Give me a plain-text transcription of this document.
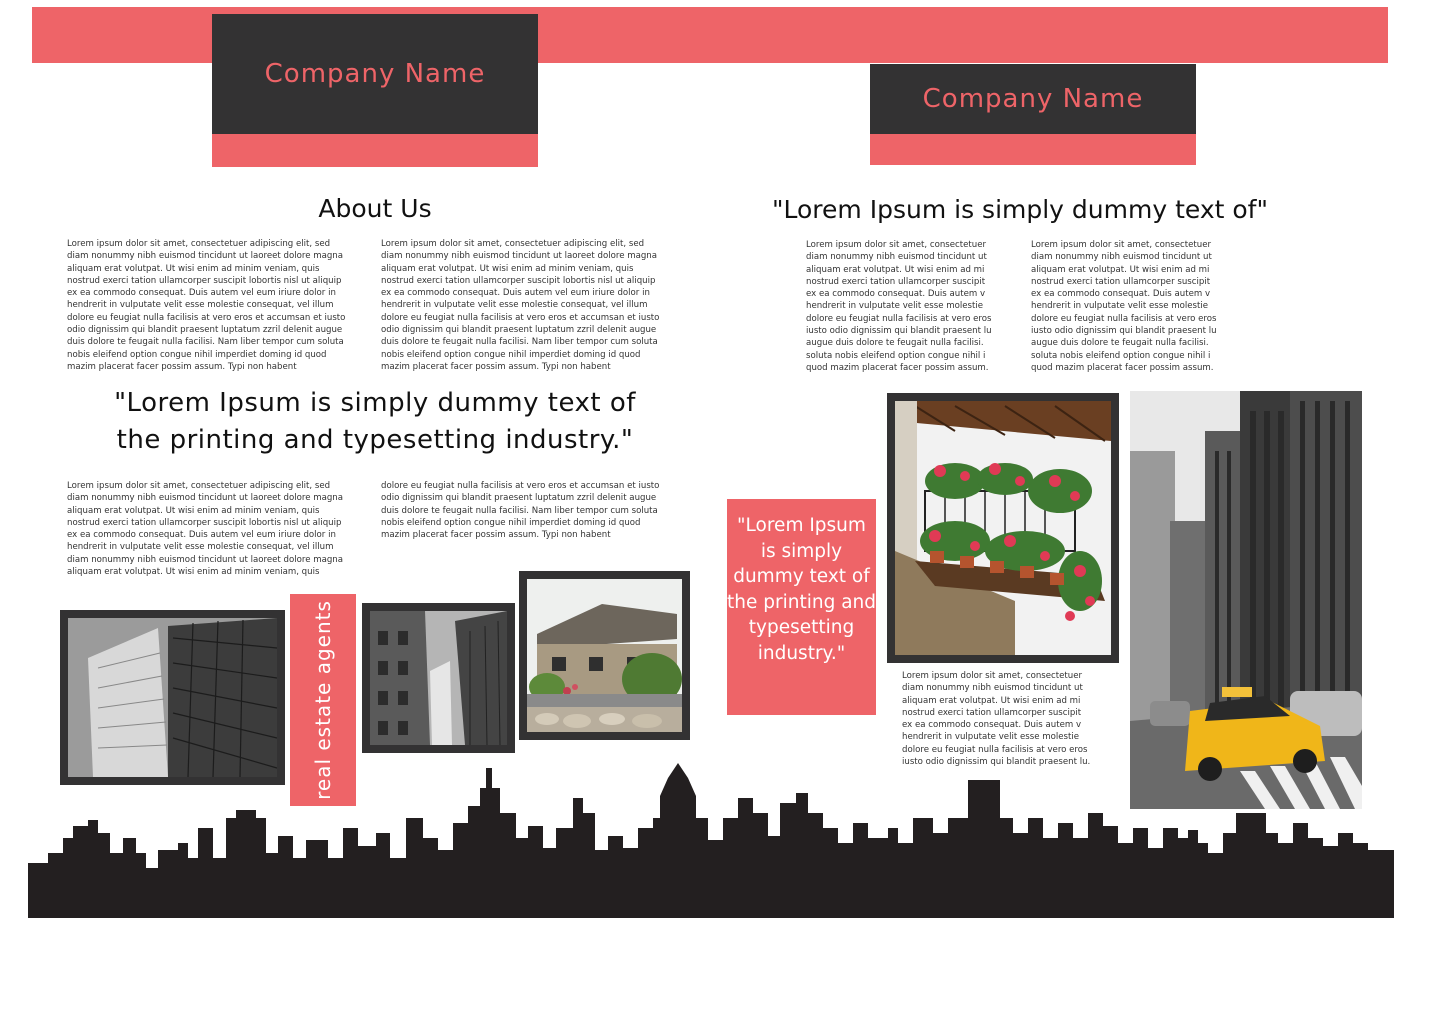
Company Name
Company Name
About Us
Lorem ipsum dolor sit amet, consectetuer adipiscing elit, sed diam nonummy nibh euismod tincidunt ut laoreet dolore magna aliquam erat volutpat. Ut wisi enim ad minim veniam, quis nostrud exerci tation ullamcorper suscipit lobortis nisl ut aliquip ex ea commodo consequat. Duis autem vel eum iriure dolor in hendrerit in vulputate velit esse molestie consequat, vel illum dolore eu feugiat nulla facilisis at vero eros et accumsan et iusto odio dignissim qui blandit praesent luptatum zzril delenit augue duis dolore te feugait nulla facilisi. Nam liber tempor cum soluta nobis eleifend option congue nihil imperdiet doming id quod mazim placerat facer possim assum. Typi non habent
Lorem ipsum dolor sit amet, consectetuer adipiscing elit, sed diam nonummy nibh euismod tincidunt ut laoreet dolore magna aliquam erat volutpat. Ut wisi enim ad minim veniam, quis nostrud exerci tation ullamcorper suscipit lobortis nisl ut aliquip ex ea commodo consequat. Duis autem vel eum iriure dolor in hendrerit in vulputate velit esse molestie consequat, vel illum dolore eu feugiat nulla facilisis at vero eros et accumsan et iusto odio dignissim qui blandit praesent luptatum zzril delenit augue duis dolore te feugait nulla facilisi. Nam liber tempor cum soluta nobis eleifend option congue nihil imperdiet doming id quod mazim placerat facer possim assum. Typi non habent
"Lorem Ipsum is simply dummy text of
the printing and typesetting industry."
Lorem ipsum dolor sit amet, consectetuer adipiscing elit, sed diam nonummy nibh euismod tincidunt ut laoreet dolore magna aliquam erat volutpat. Ut wisi enim ad minim veniam, quis nostrud exerci tation ullamcorper suscipit lobortis nisl ut aliquip ex ea commodo consequat. Duis autem vel eum iriure dolor in hendrerit in vulputate velit esse molestie consequat, vel illum diam nonummy nibh euismod tincidunt ut laoreet dolore magna aliquam erat volutpat. Ut wisi enim ad minim veniam, quis
dolore eu feugiat nulla facilisis at vero eros et accumsan et iusto odio dignissim qui blandit praesent luptatum zzril delenit augue duis dolore te feugait nulla facilisi. Nam liber tempor cum soluta nobis eleifend option congue nihil imperdiet doming id quod mazim placerat facer possim assum. Typi non habent
real estate agents
"Lorem Ipsum is simply dummy text of"
Lorem ipsum dolor sit amet, consectetuer diam nonummy nibh euismod tincidunt ut aliquam erat volutpat. Ut wisi enim ad mi nostrud exerci tation ullamcorper suscipit ex ea commodo consequat. Duis autem v hendrerit in vulputate velit esse molestie dolore eu feugiat nulla facilisis at vero eros iusto odio dignissim qui blandit praesent lu augue duis dolore te feugait nulla facilisi. soluta nobis eleifend option congue nihil i quod mazim placerat facer possim assum.
Lorem ipsum dolor sit amet, consectetuer diam nonummy nibh euismod tincidunt ut aliquam erat volutpat. Ut wisi enim ad mi nostrud exerci tation ullamcorper suscipit ex ea commodo consequat. Duis autem v hendrerit in vulputate velit esse molestie dolore eu feugiat nulla facilisis at vero eros iusto odio dignissim qui blandit praesent lu augue duis dolore te feugait nulla facilisi. soluta nobis eleifend option congue nihil i quod mazim placerat facer possim assum.
"Lorem Ipsum is simply dummy text of the printing and typesetting industry."
Lorem ipsum dolor sit amet, consectetuer diam nonummy nibh euismod tincidunt ut aliquam erat volutpat. Ut wisi enim ad mi nostrud exerci tation ullamcorper suscipit ex ea commodo consequat. Duis autem v hendrerit in vulputate velit esse molestie dolore eu feugiat nulla facilisis at vero eros iusto odio dignissim qui blandit praesent lu.
